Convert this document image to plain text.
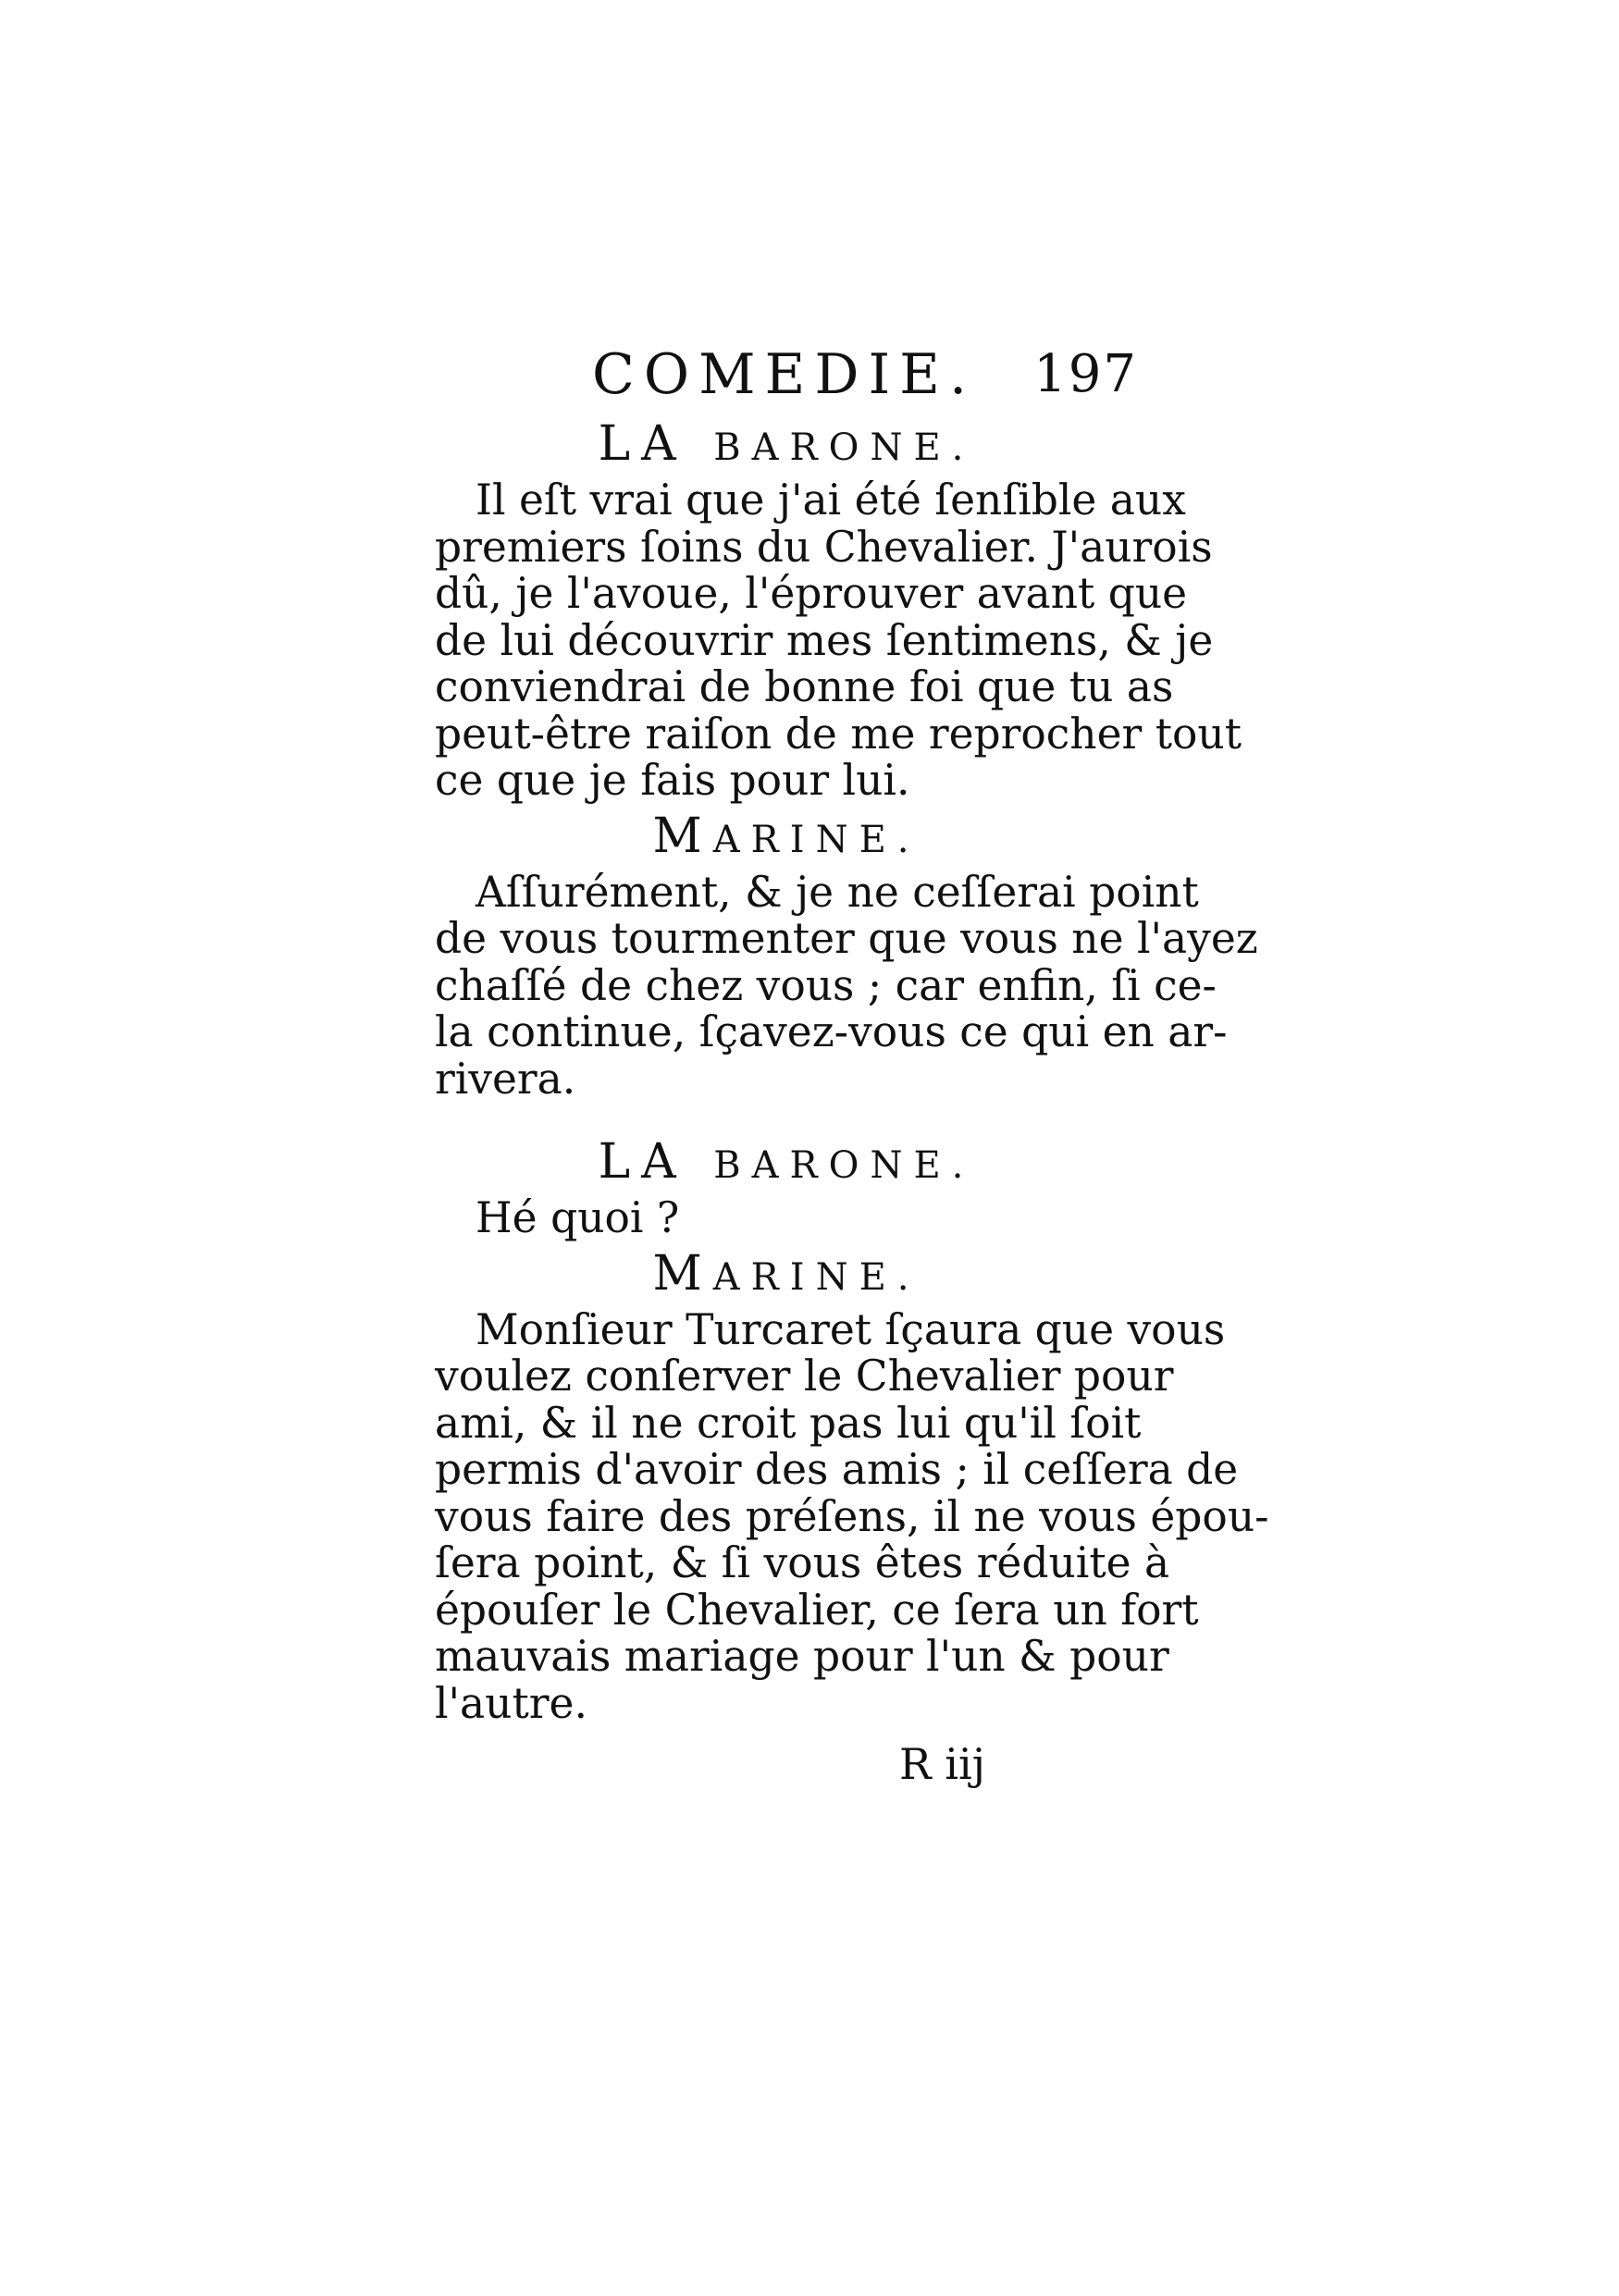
COMEDIE. 197
LA BARONE.

Il eſt vrai que j'ai été ſenſible aux
premiers ſoins du Chevalier. J'aurois
dû, je l'avoue, l'éprouver avant que
de lui découvrir mes ſentimens, & je
conviendrai de bonne foi que tu as
peut-être raiſon de me reprocher tout
ce que je fais pour lui.

MARINE.

Aſſurément, & je ne ceſſerai point
de vous tourmenter que vous ne l'ayez
chaſſé de chez vous ; car enfin, ſi ce-
la continue, ſçavez-vous ce qui en ar-
rivera.

LA BARONE.

Hé quoi ?

MARINE.

Monſieur Turcaret ſçaura que vous
voulez conſerver le Chevalier pour
ami, & il ne croit pas lui qu'il ſoit
permis d'avoir des amis ; il ceſſera de
vous faire des préſens, il ne vous épou-
ſera point, & ſi vous êtes réduite à
épouſer le Chevalier, ce ſera un fort
mauvais mariage pour l'un & pour
l'autre.

R iij
